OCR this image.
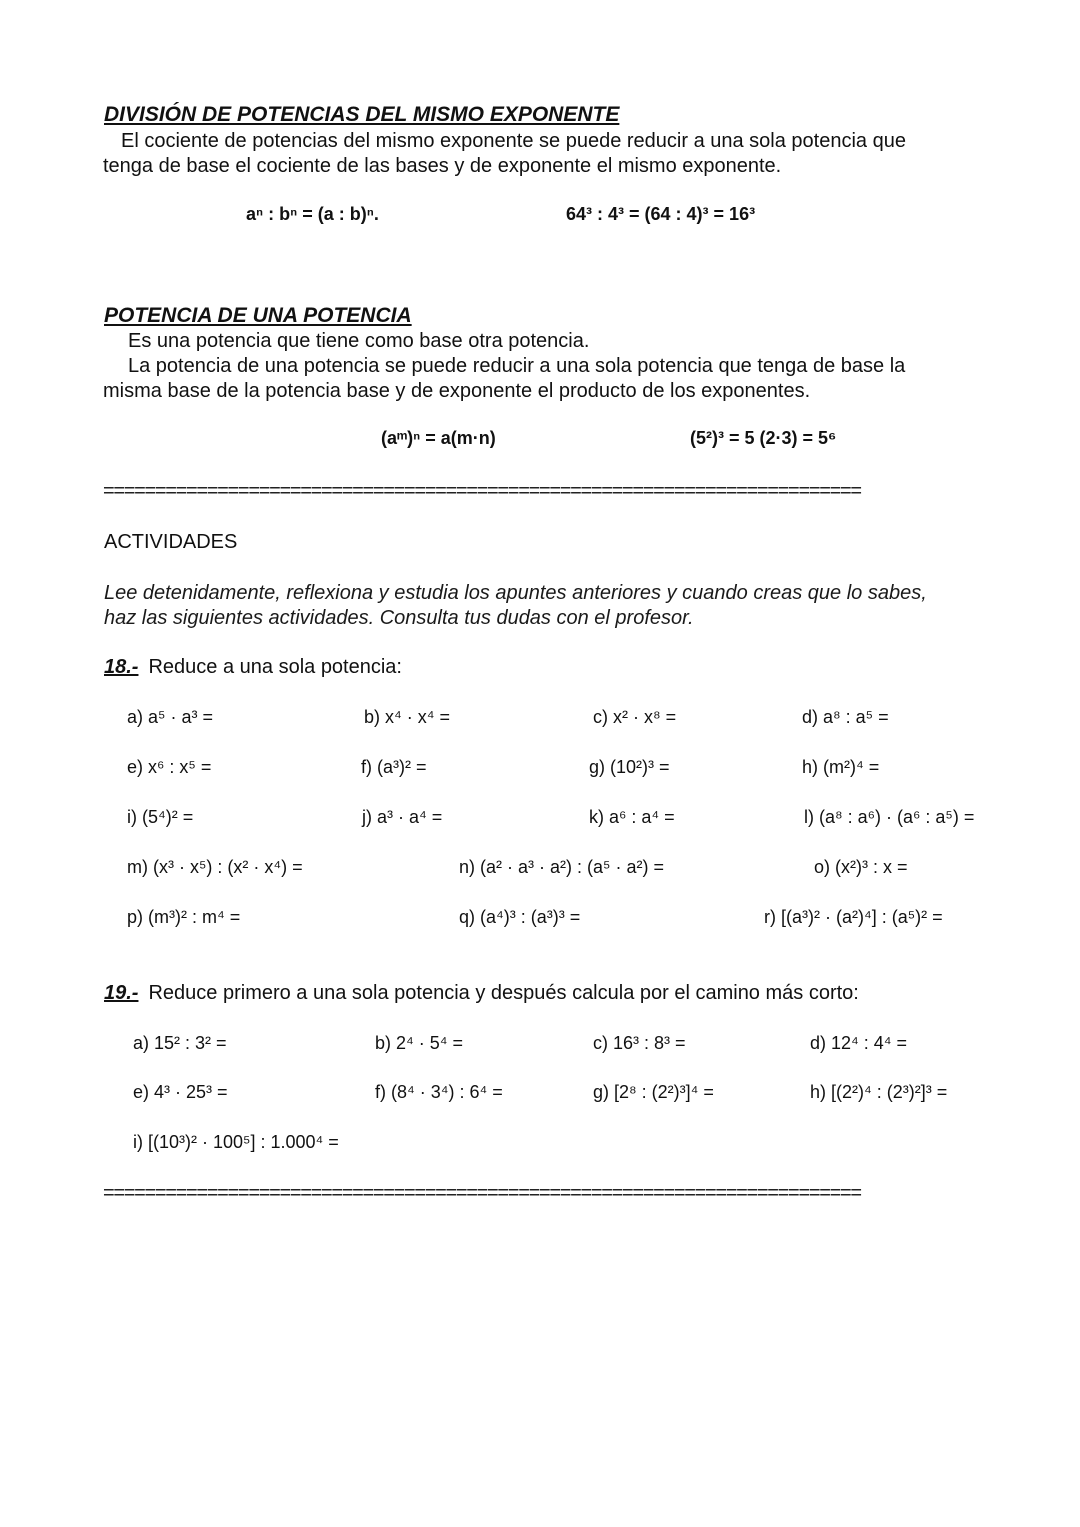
DIVISIÓN DE POTENCIAS DEL MISMO EXPONENTE
El cociente de potencias del mismo exponente se puede reducir a una sola potencia que
tenga de base el cociente de las bases y de exponente el mismo exponente.
aⁿ : bⁿ = (a : b)ⁿ.	64³ : 4³ = (64 : 4)³ = 16³
POTENCIA DE UNA POTENCIA
Es una potencia que tiene como base otra potencia.
La potencia de una potencia se puede reducir a una sola potencia que tenga de base la
misma base de la potencia base y de exponente el producto de los exponentes.
(aᵐ)ⁿ = a(m·n)	(5²)³ = 5 (2·3) = 5⁶
=========================================================================
ACTIVIDADES
Lee detenidamente, reflexiona y estudia los apuntes anteriores y cuando creas que lo sabes,
haz las siguientes actividades. Consulta tus dudas con el profesor.
18.- Reduce a una sola potencia:
a) a⁵ · a³ =	b) x⁴ · x⁴ =	c) x² · x⁸ =	d) a⁸ : a⁵ =
e) x⁶ : x⁵ =	f) (a³)² =	g) (10²)³ =	h) (m²)⁴ =
i) (5⁴)² =	j) a³ · a⁴ =	k) a⁶ : a⁴ =	l) (a⁸ : a⁶) · (a⁶ : a⁵) =
m) (x³ · x⁵) : (x² · x⁴) =	n) (a² · a³ · a²) : (a⁵ · a²) =	o) (x²)³ : x =
p) (m³)² : m⁴ =	q) (a⁴)³ : (a³)³ =	r) [(a³)² · (a²)⁴] : (a⁵)² =
19.- Reduce primero a una sola potencia y después calcula por el camino más corto:
a) 15² : 3² =	b) 2⁴ · 5⁴ =	c) 16³ : 8³ =	d) 12⁴ : 4⁴ =
e) 4³ · 25³ =	f) (8⁴ · 3⁴) : 6⁴ =	g) [2⁸ : (2²)³]⁴ =	h) [(2²)⁴ : (2³)²]³ =
i) [(10³)² · 100⁵] : 1.000⁴ =
=========================================================================
